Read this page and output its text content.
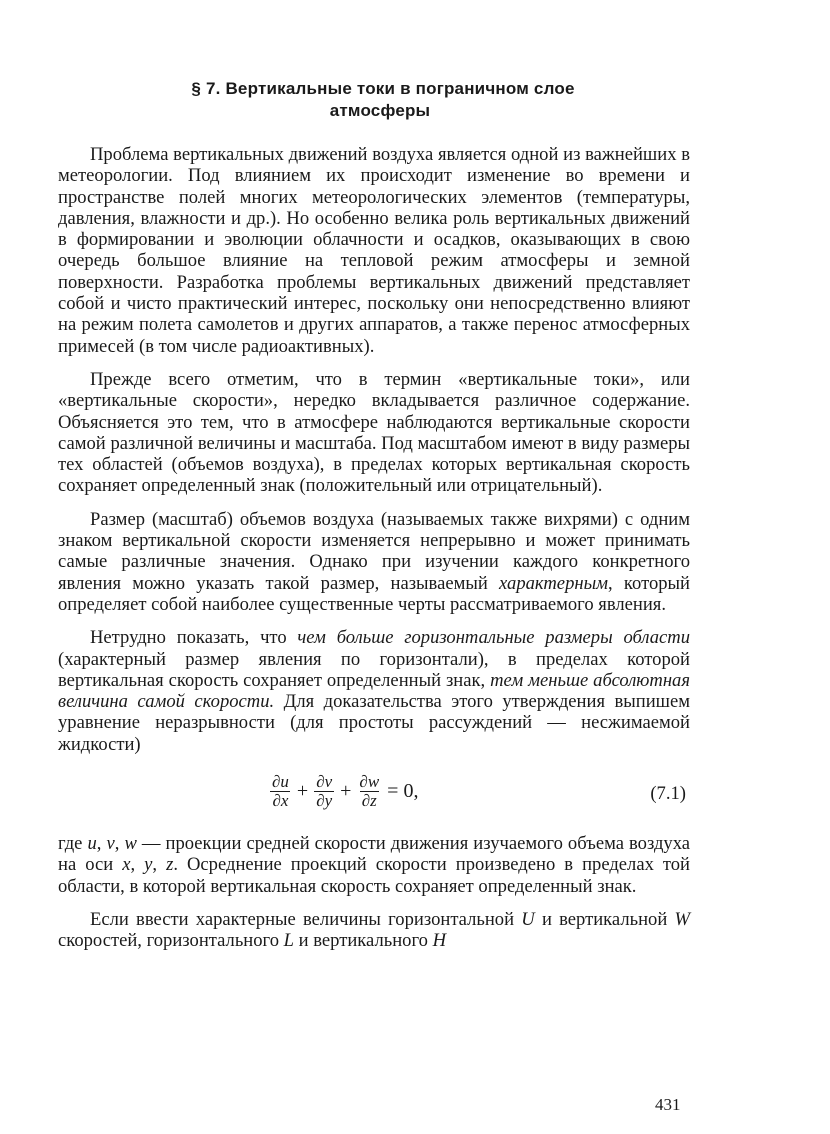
§ 7. Вертикальные токи в пограничном слое
атмосферы

Проблема вертикальных движений воздуха является одной из важнейших в метеорологии. Под влиянием их происходит изменение во времени и пространстве полей многих метеорологических элементов (температуры, давления, влажности и др.). Но особенно велика роль вертикальных движений в формировании и эволюции облачности и осадков, оказывающих в свою очередь большое влияние на тепловой режим атмосферы и земной поверхности. Разработка проблемы вертикальных движений представляет собой и чисто практический интерес, поскольку они непосредственно влияют на режим полета самолетов и других аппаратов, а также перенос атмосферных примесей (в том числе радиоактивных).

Прежде всего отметим, что в термин «вертикальные токи», или «вертикальные скорости», нередко вкладывается различное содержание. Объясняется это тем, что в атмосфере наблюдаются вертикальные скорости самой различной величины и масштаба. Под масштабом имеют в виду размеры тех областей (объемов воздуха), в пределах которых вертикальная скорость сохраняет определенный знак (положительный или отрицательный).

Размер (масштаб) объемов воздуха (называемых также вихрями) с одним знаком вертикальной скорости изменяется непрерывно и может принимать самые различные значения. Однако при изучении каждого конкретного явления можно указать такой размер, называемый характерным, который определяет собой наиболее существенные черты рассматриваемого явления.

Нетрудно показать, что чем больше горизонтальные размеры области (характерный размер явления по горизонтали), в пределах которой вертикальная скорость сохраняет определенный знак, тем меньше абсолютная величина самой скорости. Для доказательства этого утверждения выпишем уравнение неразрывности (для простоты рассуждений — несжимаемой жидкости)

$\frac{\partial u}{\partial x} + \frac{\partial v}{\partial y} + \frac{\partial w}{\partial z} = 0$,	(7.1)

где u, v, w — проекции средней скорости движения изучаемого объема воздуха на оси x, y, z. Осреднение проекций скорости произведено в пределах той области, в которой вертикальная скорость сохраняет определенный знак.

Если ввести характерные величины горизонтальной U и вертикальной W скоростей, горизонтального L и вертикального H

431
